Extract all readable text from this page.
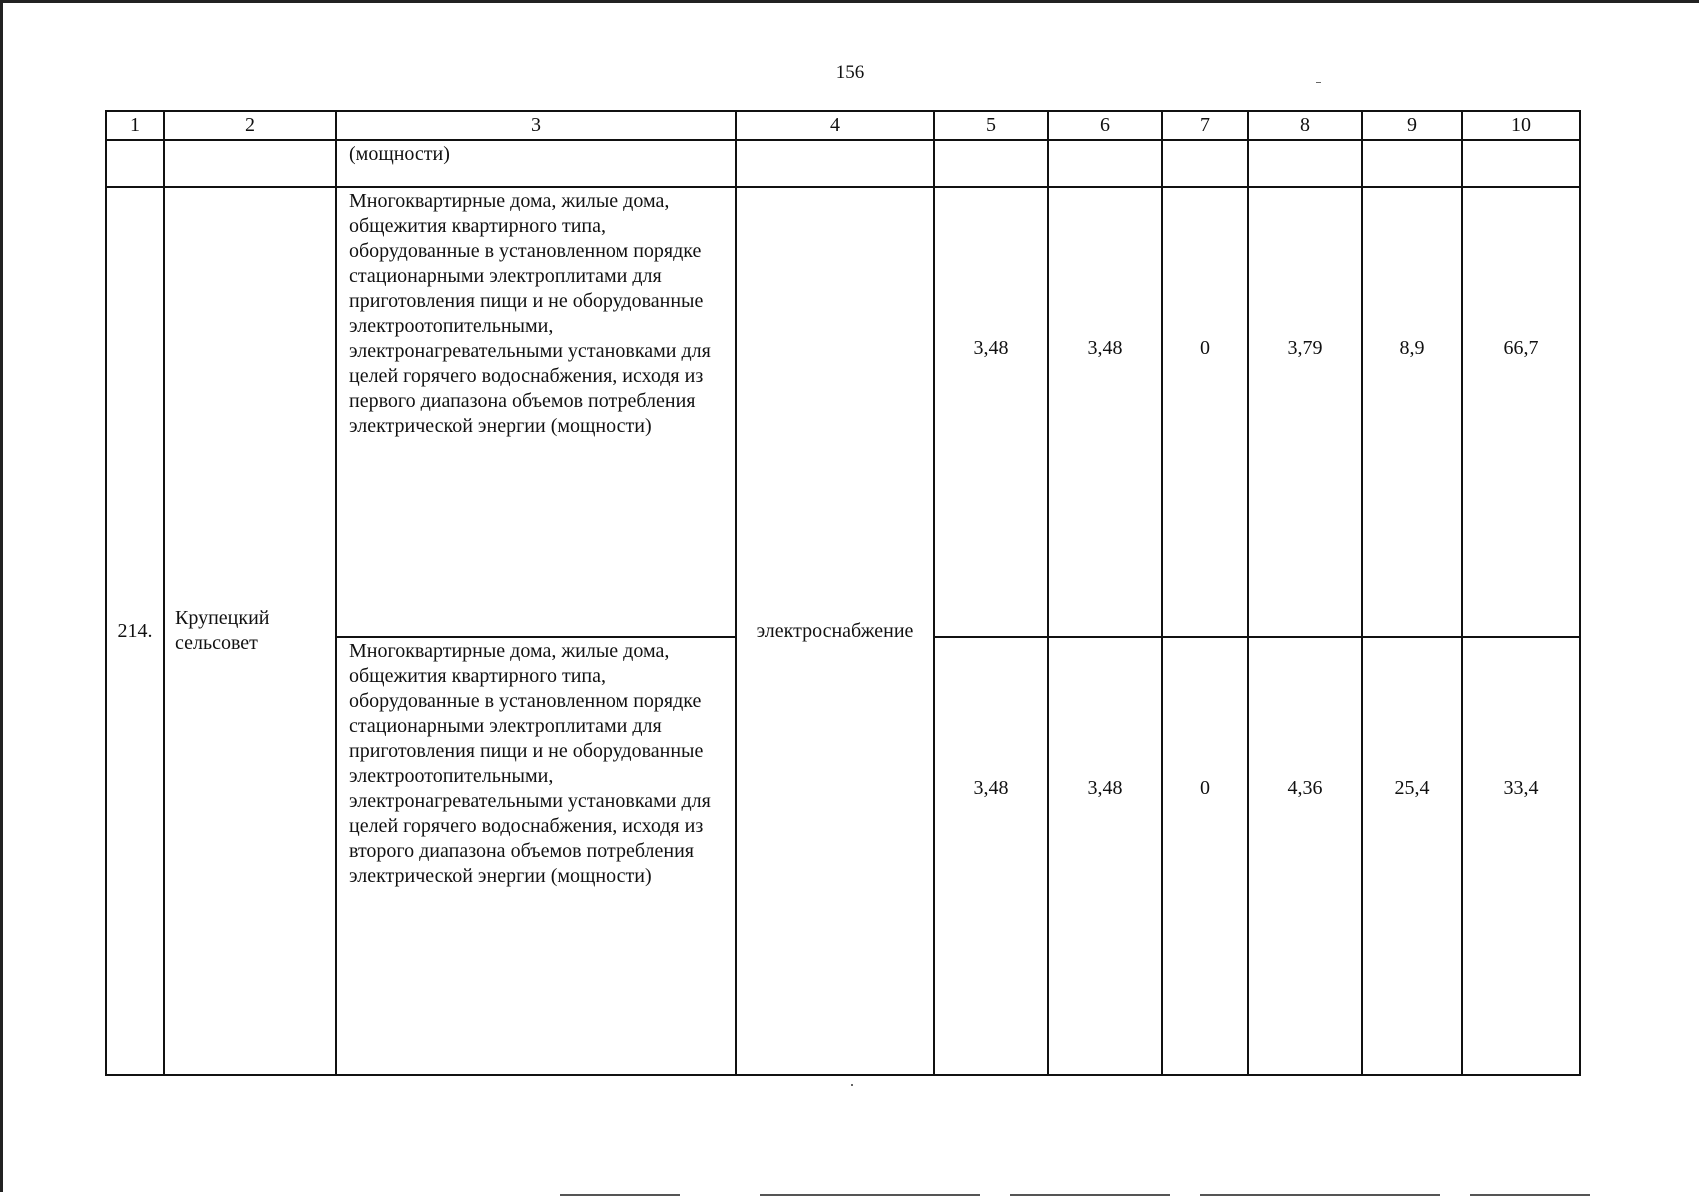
156
1	2	3	4	5	6	7	8	9	10
		(мощности)							
214.	Крупецкий сельсовет	Многоквартирные дома, жилые дома, общежития квартирного типа, оборудованные в установленном порядке стационарными электроплитами для приготовления пищи и не оборудованные электроотопительными, электронагревательными установками для целей горячего водоснабжения, исходя из первого диапазона объемов потребления электрической энергии (мощности)	электроснабжение	3,48	3,48	0	3,79	8,9	66,7
		Многоквартирные дома, жилые дома, общежития квартирного типа, оборудованные в установленном порядке стационарными электроплитами для приготовления пищи и не оборудованные электроотопительными, электронагревательными установками для целей горячего водоснабжения, исходя из второго диапазона объемов потребления электрической энергии (мощности)		3,48	3,48	0	4,36	25,4	33,4
